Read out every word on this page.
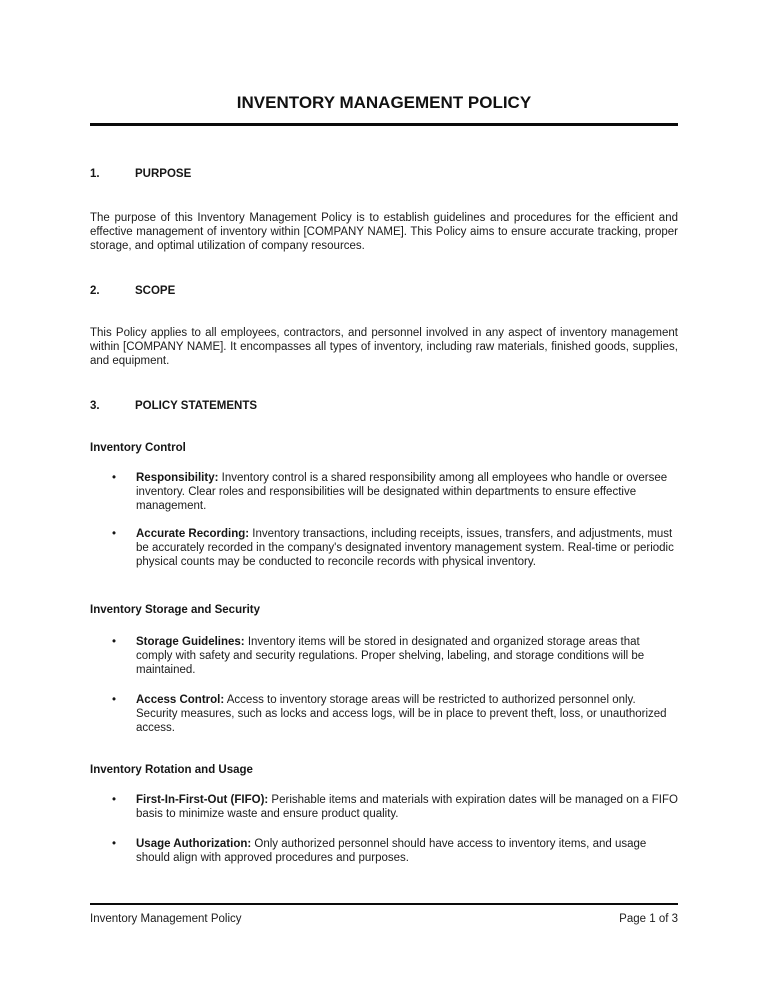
INVENTORY MANAGEMENT POLICY
1.	PURPOSE

The purpose of this Inventory Management Policy is to establish guidelines and procedures for the efficient and effective management of inventory within [COMPANY NAME]. This Policy aims to ensure accurate tracking, proper storage, and optimal utilization of company resources.

2.	SCOPE

This Policy applies to all employees, contractors, and personnel involved in any aspect of inventory management within [COMPANY NAME]. It encompasses all types of inventory, including raw materials, finished goods, supplies, and equipment.

3.	POLICY STATEMENTS
Inventory Control
•	Responsibility: Inventory control is a shared responsibility among all employees who handle or oversee inventory. Clear roles and responsibilities will be designated within departments to ensure effective management.
•	Accurate Recording: Inventory transactions, including receipts, issues, transfers, and adjustments, must be accurately recorded in the company's designated inventory management system. Real-time or periodic physical counts may be conducted to reconcile records with physical inventory.
Inventory Storage and Security
•	Storage Guidelines: Inventory items will be stored in designated and organized storage areas that comply with safety and security regulations. Proper shelving, labeling, and storage conditions will be maintained.
•	Access Control: Access to inventory storage areas will be restricted to authorized personnel only. Security measures, such as locks and access logs, will be in place to prevent theft, loss, or unauthorized access.
Inventory Rotation and Usage
•	First-In-First-Out (FIFO): Perishable items and materials with expiration dates will be managed on a FIFO basis to minimize waste and ensure product quality.
•	Usage Authorization: Only authorized personnel should have access to inventory items, and usage should align with approved procedures and purposes.
Inventory Management Policy	Page 1 of 3
